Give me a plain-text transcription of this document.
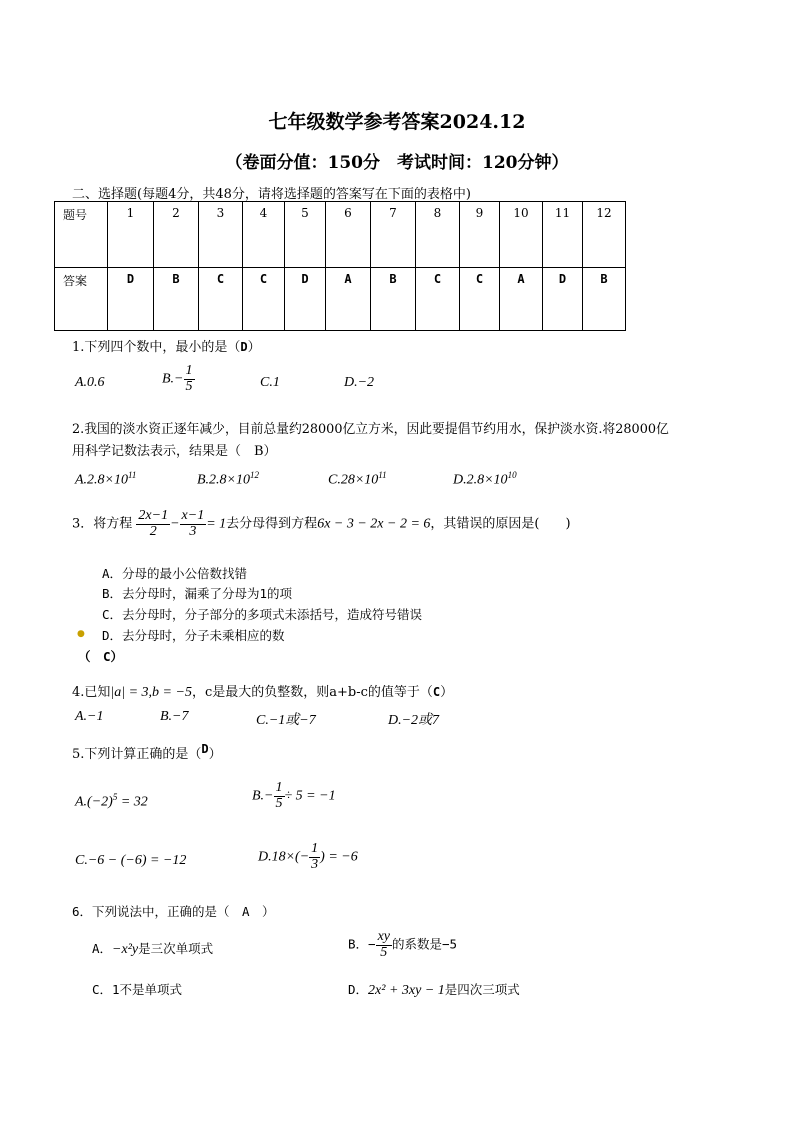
七年级数学参考答案2024.12
（卷面分值：150分　考试时间：120分钟）
二、选择题(每题4分，共48分，请将选择题的答案写在下面的表格中)
题号	1	2	3	4	5	6	7	8	9	10	11	12
答案	D	B	C	C	D	A	B	C	C	A	D	B
1.下列四个数中，最小的是（D）
A.0.6	$B.- \frac{1}{5}$	C.1	D.−2
2.我国的淡水资正逐年减少，目前总量约28000亿立方米，因此要提倡节约用水，保护淡水资.将28000亿
用科学记数法表示，结果是（　B）
$A.2.8\times 10^{11}$	$B.2.8\times 10^{12}$	$C.28\times 10^{11}$	$D.2.8\times 10^{10}$
3．将方程 $\frac{2x-1}{2} - \frac{x-1}{3} = 1$去分母得到方程6x − 3 − 2x − 2 = 6，其错误的原因是(　　)
A．分母的最小公倍数找错
B．去分母时，漏乘了分母为1的项
C．去分母时，分子部分的多项式未添括号，造成符号错误
● D．去分母时，分子未乘相应的数
（　C）
4.已知|a| = 3,b = −5，c是最大的负整数，则a+b-c的值等于（C）
A.−1	B.−7	C.−1或−7	D.−2或7
5.下列计算正确的是（D）
$A.(-2)^5 = 32$	$B.- \frac{1}{5} \div 5 = -1$
C.−6 − (−6) = −12	$D.18\times(- \frac{1}{3}$ ) = −6
6．下列说法中，正确的是（　A　）
A．−x²y是三次单项式	B．− $\frac{xy}{5}$ 的系数是−5
C．1不是单项式	D．2x² + 3xy − 1是四次三项式
